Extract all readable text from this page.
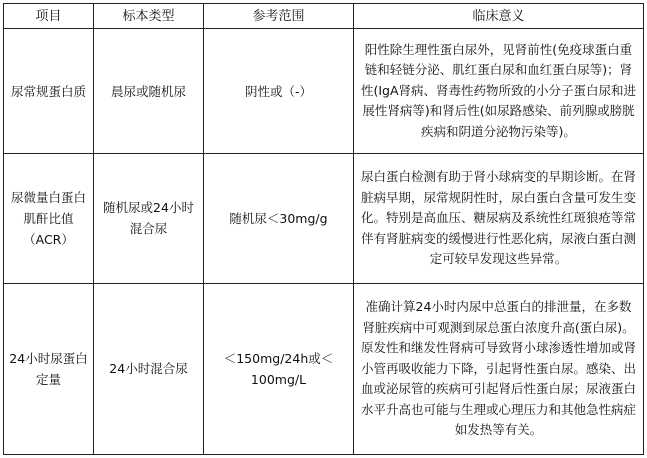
项目	标本类型	参考范围	临床意义
尿常规蛋白质	晨尿或随机尿	阴性或（-）	阳性除生理性蛋白尿外，见肾前性(免疫球蛋白重链和轻链分泌、肌红蛋白尿和血红蛋白尿等)；肾性(IgA肾病、肾毒性药物所致的小分子蛋白尿和进展性肾病等)和肾后性(如尿路感染、前列腺或膀胱疾病和阴道分泌物污染等)。
尿微量白蛋白肌酐比值（ACR）	随机尿或24小时混合尿	随机尿＜30mg/g	尿白蛋白检测有助于肾小球病变的早期诊断。在肾脏病早期，尿常规阴性时，尿白蛋白含量可发生变化。特别是高血压、糖尿病及系统性红斑狼疮等常伴有肾脏病变的缓慢进行性恶化病，尿液白蛋白测定可较早发现这些异常。
24小时尿蛋白定量	24小时混合尿	＜150mg/24h或＜100mg/L	准确计算24小时内尿中总蛋白的排泄量，在多数肾脏疾病中可观测到尿总蛋白浓度升高(蛋白尿)。原发性和继发性肾病可导致肾小球渗透性增加或肾小管再吸收能力下降，引起肾性蛋白尿。感染、出血或泌尿管的疾病可引起肾后性蛋白尿；尿液蛋白水平升高也可能与生理或心理压力和其他急性病症如发热等有关。
